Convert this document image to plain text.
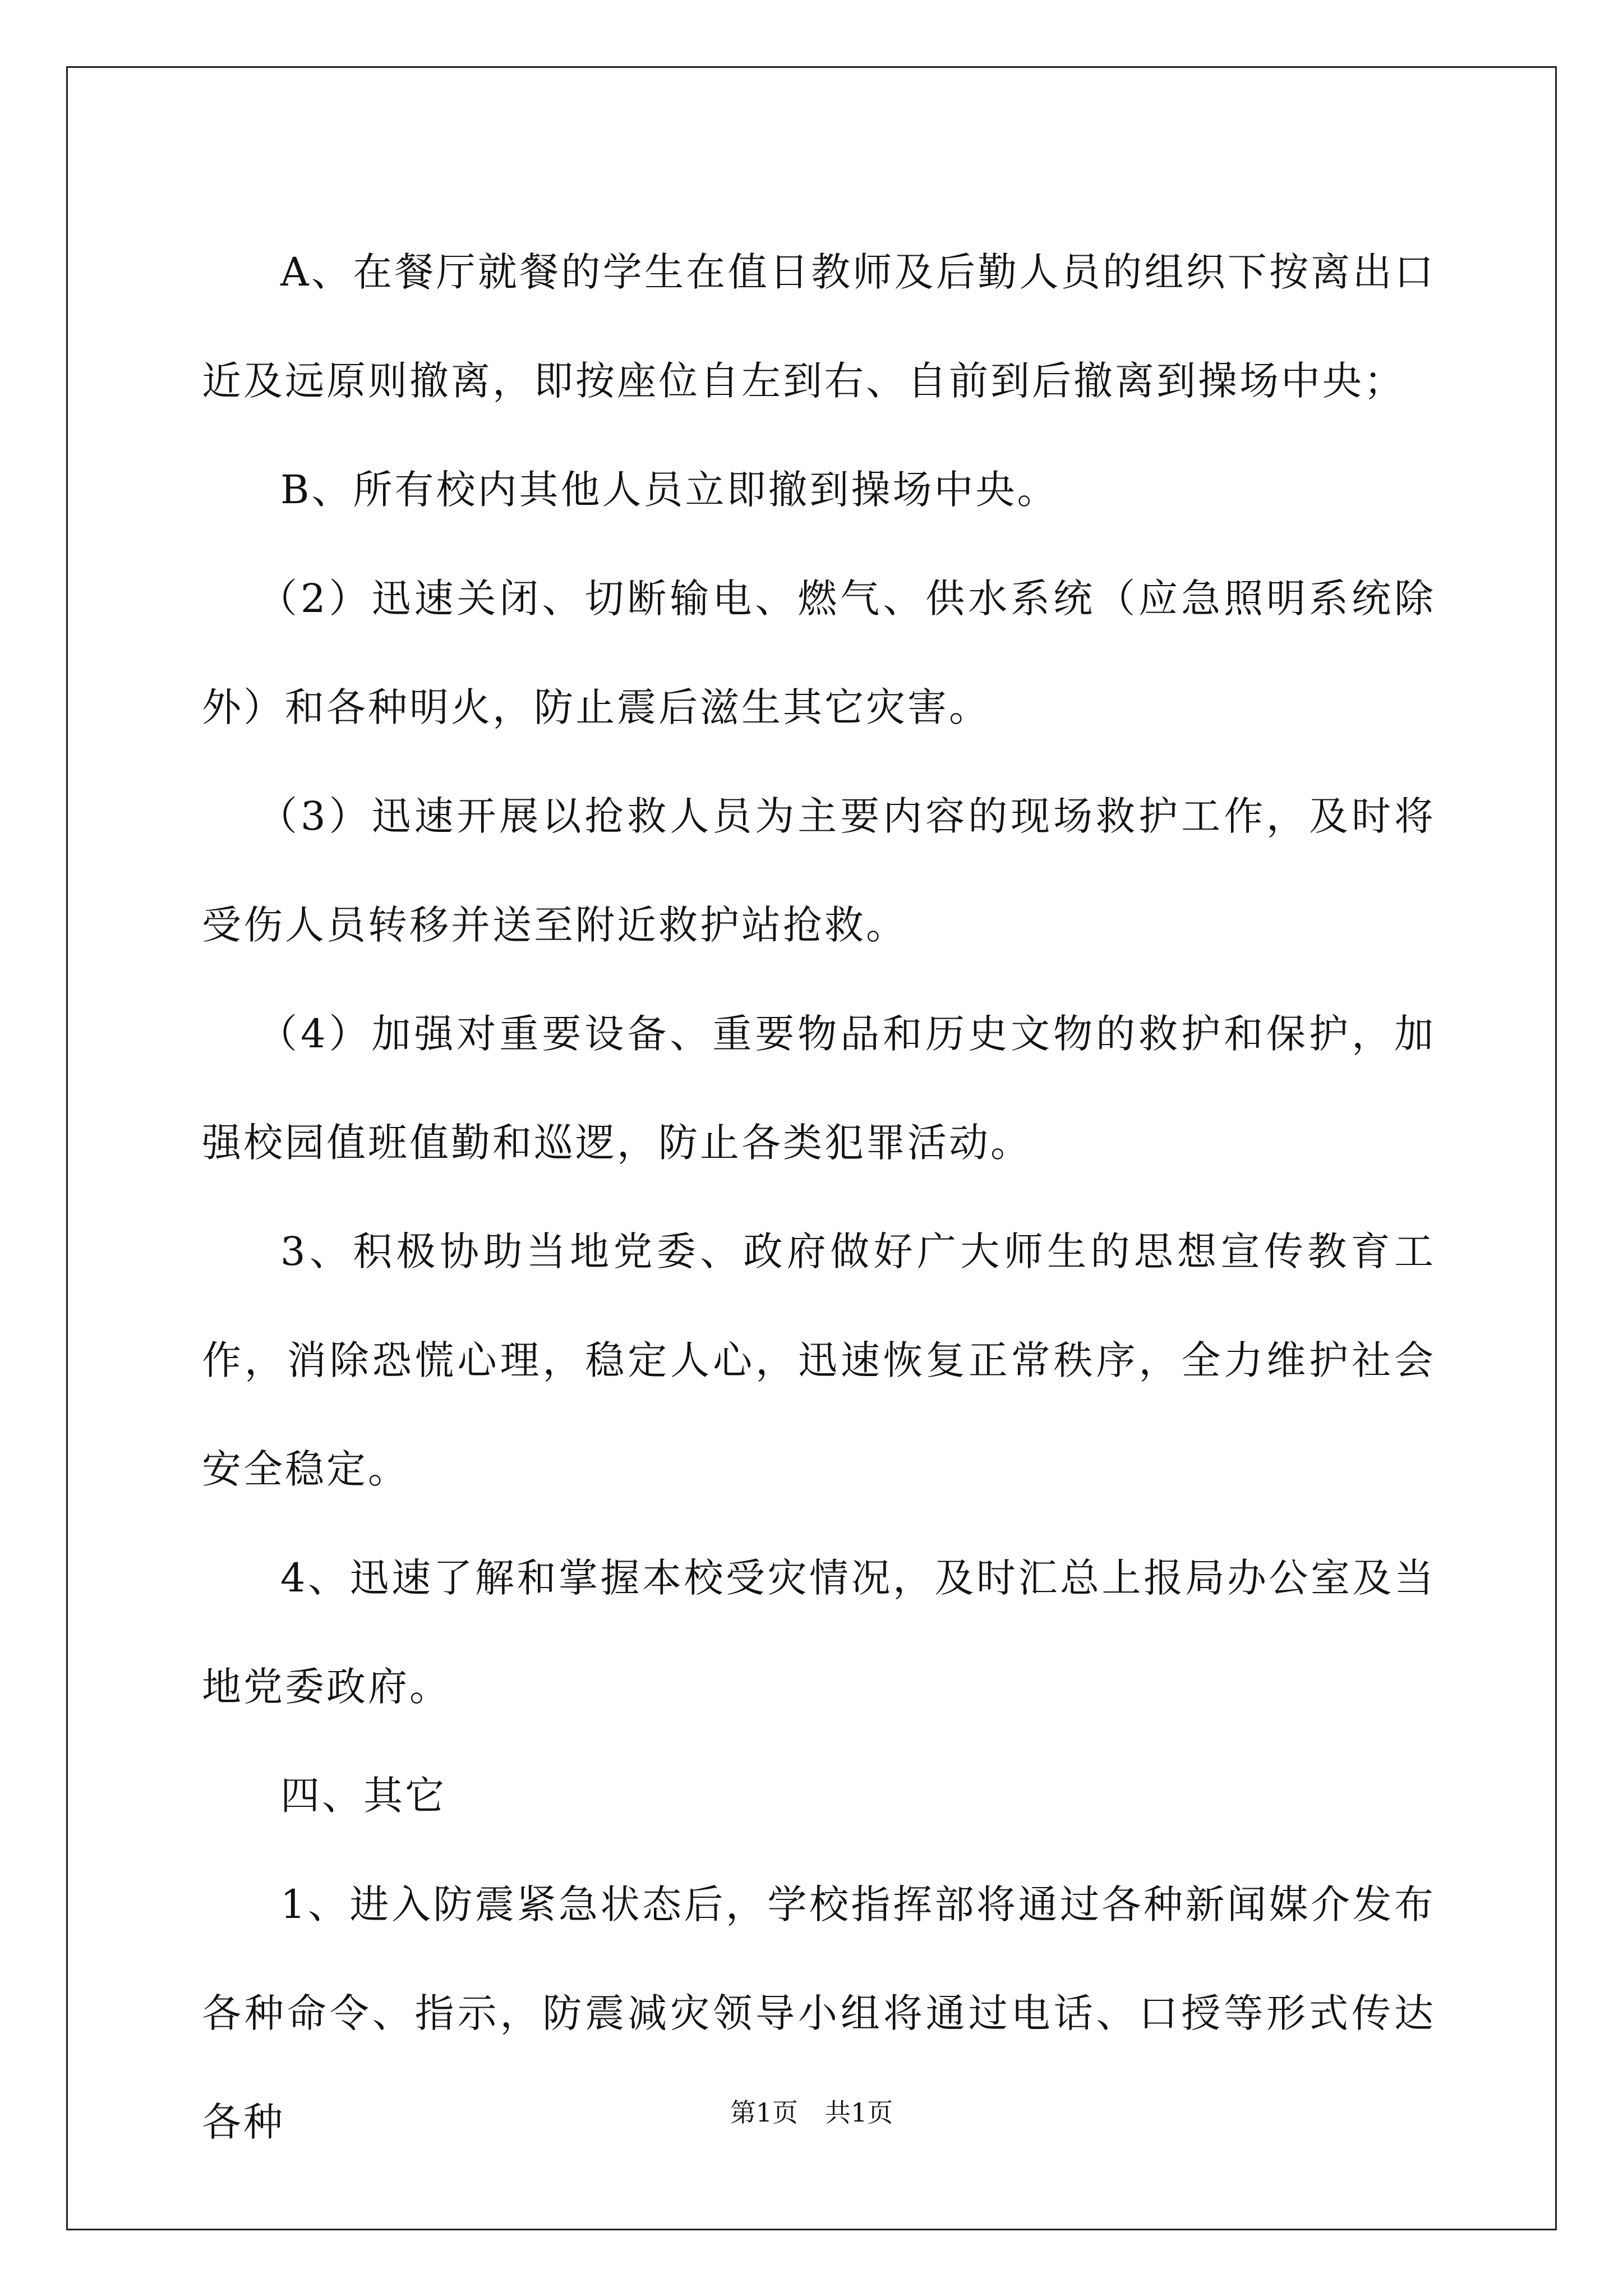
A、在餐厅就餐的学生在值日教师及后勤人员的组织下按离出口近及远原则撤离，即按座位自左到右、自前到后撤离到操场中央；

B、所有校内其他人员立即撤到操场中央。

（2）迅速关闭、切断输电、燃气、供水系统（应急照明系统除外）和各种明火，防止震后滋生其它灾害。

（3）迅速开展以抢救人员为主要内容的现场救护工作，及时将受伤人员转移并送至附近救护站抢救。

（4）加强对重要设备、重要物品和历史文物的救护和保护，加强校园值班值勤和巡逻，防止各类犯罪活动。

3、积极协助当地党委、政府做好广大师生的思想宣传教育工作，消除恐慌心理，稳定人心，迅速恢复正常秩序，全力维护社会安全稳定。

4、迅速了解和掌握本校受灾情况，及时汇总上报局办公室及当地党委政府。

四、其它

1、进入防震紧急状态后，学校指挥部将通过各种新闻媒介发布各种命令、指示，防震减灾领导小组将通过电话、口授等形式传达各种	第1页 共1页
